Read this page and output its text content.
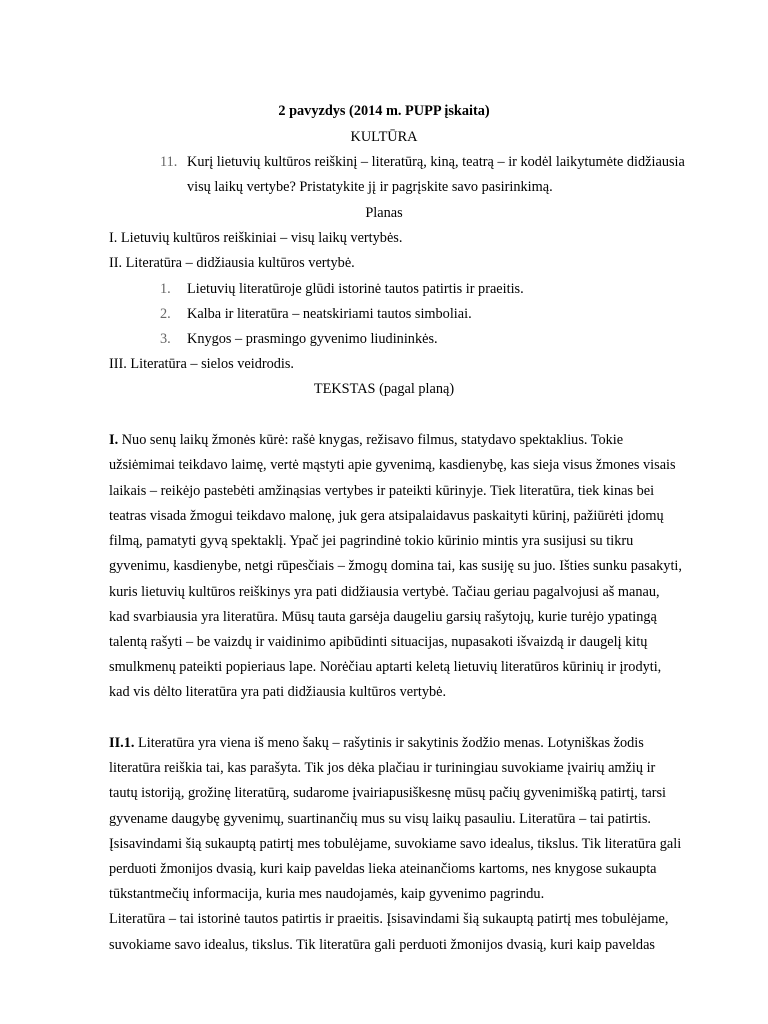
2 pavyzdys (2014 m. PUPP įskaita)
KULTŪRA
11. Kurį lietuvių kultūros reiškinį – literatūrą, kiną, teatrą – ir kodėl laikytumėte didžiausia
visų laikų vertybe? Pristatykite jį ir pagrįskite savo pasirinkimą.
Planas
I. Lietuvių kultūros reiškiniai – visų laikų vertybės.
II. Literatūra – didžiausia kultūros vertybė.
1. Lietuvių literatūroje glūdi istorinė tautos patirtis ir praeitis.
2. Kalba ir literatūra – neatskiriami tautos simboliai.
3. Knygos – prasmingo gyvenimo liudininkės.
III. Literatūra – sielos veidrodis.
TEKSTAS (pagal planą)
I. Nuo senų laikų žmonės kūrė: rašė knygas, režisavo filmus, statydavo spektaklius. Tokie
užsiėmimai teikdavo laimę, vertė mąstyti apie gyvenimą, kasdienybę, kas sieja visus žmones visais
laikais – reikėjo pastebėti amžinąsias vertybes ir pateikti kūrinyje. Tiek literatūra, tiek kinas bei
teatras visada žmogui teikdavo malonę, juk gera atsipalaidavus paskaityti kūrinį, pažiūrėti įdomų
filmą, pamatyti gyvą spektaklį. Ypač jei pagrindinė tokio kūrinio mintis yra susijusi su tikru
gyvenimu, kasdienybe, netgi rūpesčiais – žmogų domina tai, kas susiję su juo. Išties sunku pasakyti,
kuris lietuvių kultūros reiškinys yra pati didžiausia vertybė. Tačiau geriau pagalvojusi aš manau,
kad svarbiausia yra literatūra. Mūsų tauta garsėja daugeliu garsių rašytojų, kurie turėjo ypatingą
talentą rašyti – be vaizdų ir vaidinimo apibūdinti situacijas, nupasakoti išvaizdą ir daugelį kitų
smulkmenų pateikti popieriaus lape. Norėčiau aptarti keletą lietuvių literatūros kūrinių ir įrodyti,
kad vis dėlto literatūra yra pati didžiausia kultūros vertybė.
II.1. Literatūra yra viena iš meno šakų – rašytinis ir sakytinis žodžio menas. Lotyniškas žodis
literatūra reiškia tai, kas parašyta. Tik jos dėka plačiau ir turiningiau suvokiame įvairių amžių ir
tautų istoriją, grožinę literatūrą, sudarome įvairiapusiškesnę mūsų pačių gyvenimišką patirtį, tarsi
gyvename daugybę gyvenimų, suartinančių mus su visų laikų pasauliu. Literatūra – tai patirtis.
Įsisavindami šią sukauptą patirtį mes tobulėjame, suvokiame savo idealus, tikslus. Tik literatūra gali
perduoti žmonijos dvasią, kuri kaip paveldas lieka ateinančioms kartoms, nes knygose sukaupta
tūkstantmečių informacija, kuria mes naudojamės, kaip gyvenimo pagrindu.
Literatūra – tai istorinė tautos patirtis ir praeitis. Įsisavindami šią sukauptą patirtį mes tobulėjame,
suvokiame savo idealus, tikslus. Tik literatūra gali perduoti žmonijos dvasią, kuri kaip paveldas
